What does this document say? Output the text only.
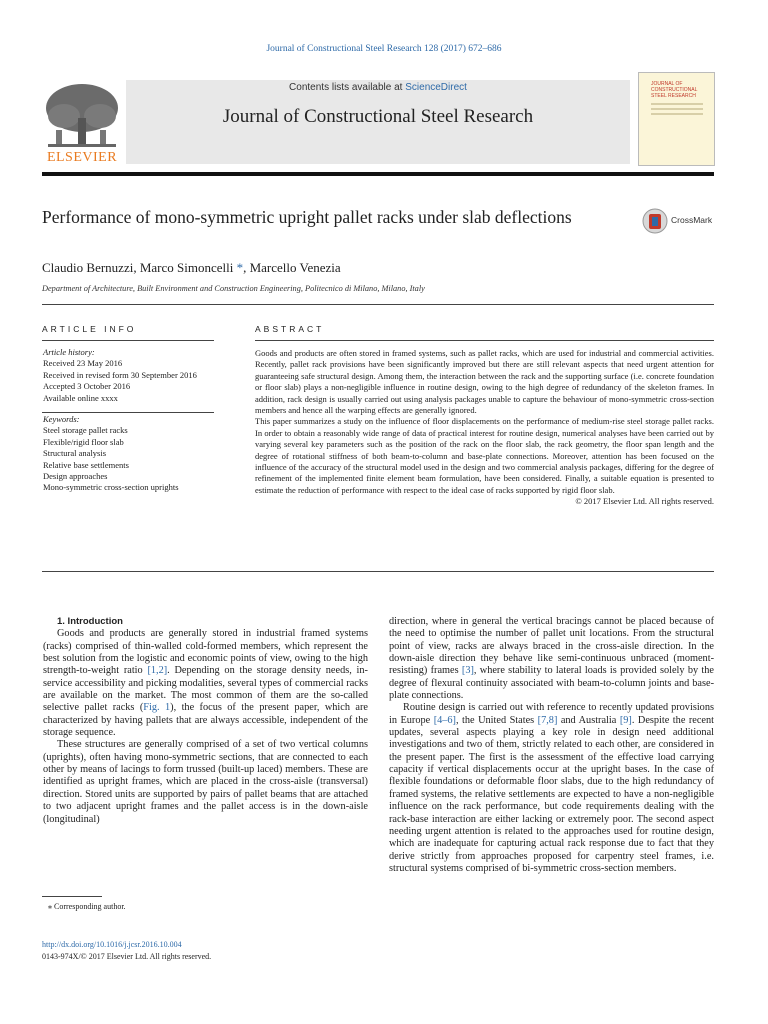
Journal of Constructional Steel Research 128 (2017) 672–686
Contents lists available at ScienceDirect
Journal of Constructional Steel Research
ELSEVIER
JOURNAL OF CONSTRUCTIONAL STEEL RESEARCH
Performance of mono-symmetric upright pallet racks under slab deflections	CrossMark
Claudio Bernuzzi, Marco Simoncelli *, Marcello Venezia
Department of Architecture, Built Environment and Construction Engineering, Politecnico di Milano, Milano, Italy
ARTICLE INFO	ABSTRACT
Article history:
Received 23 May 2016
Received in revised form 30 September 2016
Accepted 3 October 2016
Available online xxxx
Keywords:
Steel storage pallet racks
Flexible/rigid floor slab
Structural analysis
Relative base settlements
Design approaches
Mono-symmetric cross-section uprights

Goods and products are often stored in framed systems, such as pallet racks, which are used for industrial and commercial activities. Recently, pallet rack provisions have been significantly improved but there are still relevant aspects that need urgent attention for guaranteeing safe structural design. Among them, the interaction between the rack and the supporting surface (i.e. concrete foundation or floor slab) plays a non-negligible influence in routine design, owing to the high degree of redundancy of the skeleton frames. In addition, rack design is usually carried out using analysis packages unable to capture the behaviour of mono-symmetric cross-section members and hence all the warping effects are generally ignored.

This paper summarizes a study on the influence of floor displacements on the performance of medium-rise steel storage pallet racks. In order to obtain a reasonably wide range of data of practical interest for routine design, numerical analyses have been carried out by varying several key parameters such as the position of the rack on the floor slab, the rack geometry, the floor span length and the degree of rotational stiffness of both beam-to-column and base-plate connections. Moreover, attention has been focused on the influence of the accuracy of the structural model used in the design and two commercial analysis packages, differing for the degree of refinement of the implemented finite element beam formulation, have been considered. Finally, a suitable equation is presented to estimate the reduction of performance with respect to the ideal case of racks supported by rigid floor slab.

© 2017 Elsevier Ltd. All rights reserved.

1. Introduction

Goods and products are generally stored in industrial framed systems (racks) comprised of thin-walled cold-formed members, which represent the best solution from the logistic and economic points of view, owing to the high strength-to-weight ratio [1,2]. Depending on the storage density needs, in-service accessibility and picking modalities, several types of commercial racks are available on the market. The most common of them are the so-called selective pallet racks (Fig. 1), the focus of the present paper, which are characterized by having pallets that are always accessible, independent of the storage sequence.

These structures are generally comprised of a set of two vertical columns (uprights), often having mono-symmetric sections, that are connected to each other by means of lacings to form trussed (built-up laced) members. These are identified as upright frames, which are placed in the cross-aisle (transversal) direction. Stored units are supported by pairs of pallet beams that are attached to two adjacent upright frames and the pallet access is in the down-aisle (longitudinal)

direction, where in general the vertical bracings cannot be placed because of the need to optimise the number of pallet unit locations. From the structural point of view, racks are always braced in the cross-aisle direction. In the down-aisle direction they behave like semi-continuous unbraced (moment-resisting) frames [3], where stability to lateral loads is provided solely by the degree of flexural continuity associated with beam-to-column joints and base-plate connections.

Routine design is carried out with reference to recently updated provisions in Europe [4–6], the United States [7,8] and Australia [9]. Despite the recent updates, several aspects playing a key role in design need additional investigations and two of them, strictly related to each other, are considered in the present paper. The first is the assessment of the effective load carrying capacity if vertical displacements occur at the upright bases. In the case of flexible foundations or deformable floor slabs, due to the high redundancy of framed systems, the relative settlements are expected to have a non-negligible influence on the rack performance, but code requirements dealing with the rack-base interaction are either lacking or extremely poor. The second aspect needing urgent attention is related to the approaches used for routine design, which are inadequate for capturing actual rack response due to fact that they derive strictly from approaches proposed for carpentry steel frames, i.e. structural systems comprised of bi-symmetric cross-section members.

⁎ Corresponding author.
http://dx.doi.org/10.1016/j.jcsr.2016.10.004
0143-974X/© 2017 Elsevier Ltd. All rights reserved.
